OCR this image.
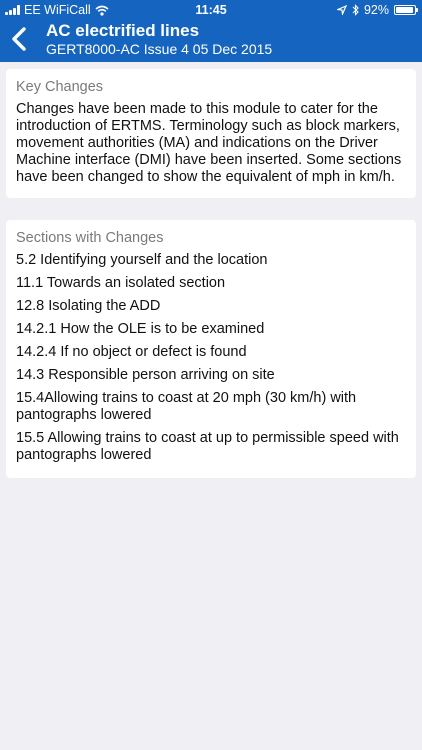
EE WiFiCall	11:45	92%
AC electrified lines
GERT8000-AC Issue 4 05 Dec 2015
Key Changes
Changes have been made to this module to cater for the introduction of ERTMS. Terminology such as block markers, movement authorities (MA) and indications on the Driver Machine interface (DMI) have been inserted. Some sections have been changed to show the equivalent of mph in km/h.
Sections with Changes
5.2 Identifying yourself and the location
11.1 Towards an isolated section
12.8 Isolating the ADD
14.2.1 How the OLE is to be examined
14.2.4 If no object or defect is found
14.3 Responsible person arriving on site
15.4Allowing trains to coast at 20 mph (30 km/h) with pantographs lowered
15.5 Allowing trains to coast at up to permissible speed with pantographs lowered
